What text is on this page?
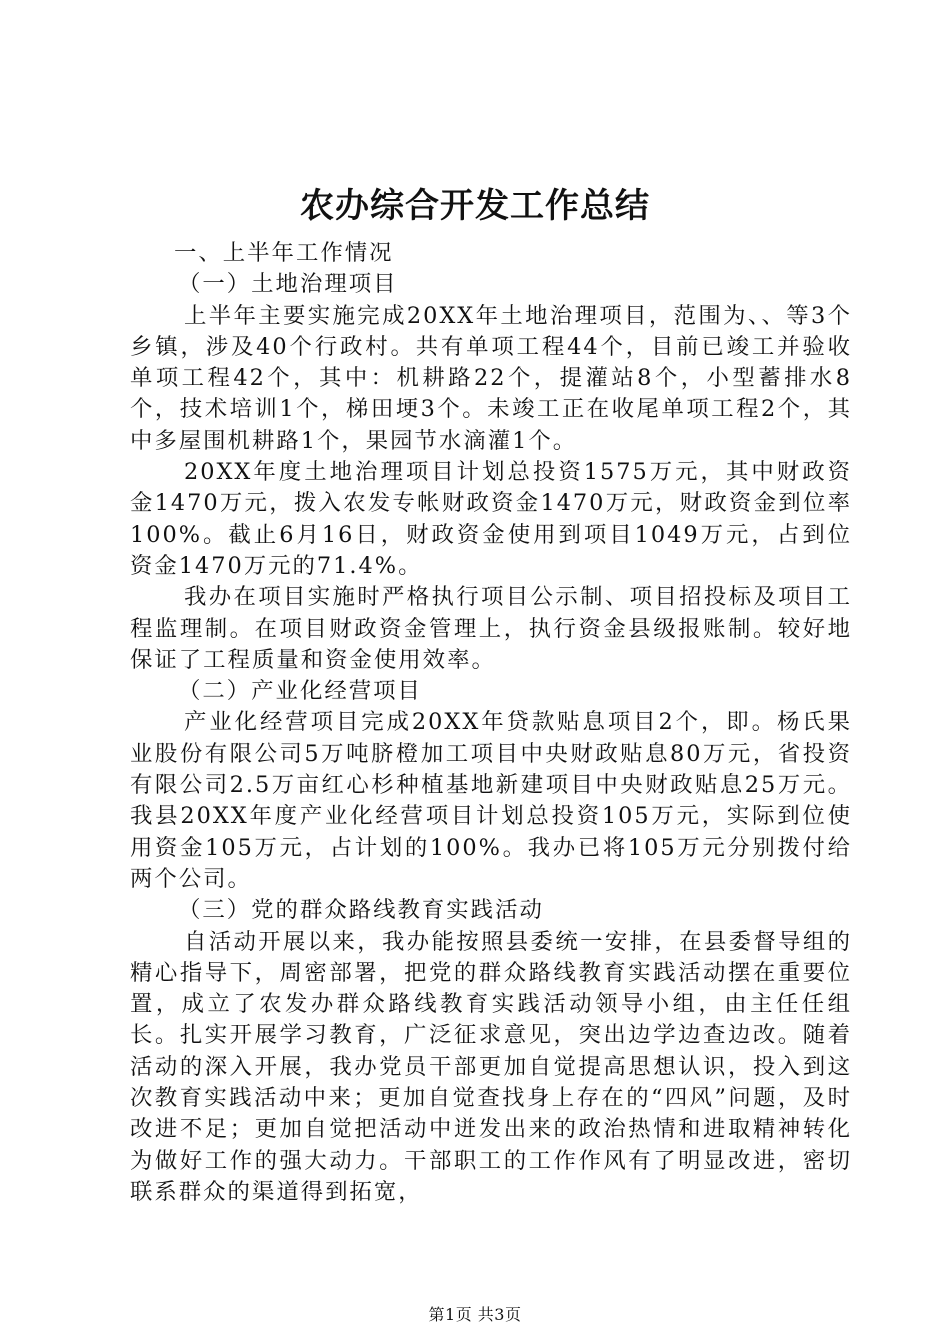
农办综合开发工作总结

一、上半年工作情况

（一）土地治理项目

上半年主要实施完成20XX年土地治理项目，范围为、、等3个乡镇，涉及40个行政村。共有单项工程44个，目前已竣工并验收单项工程42个，其中：机耕路22个，提灌站8个，小型蓄排水8个，技术培训1个，梯田埂3个。未竣工正在收尾单项工程2个，其中多屋围机耕路1个，果园节水滴灌1个。

20XX年度土地治理项目计划总投资1575万元，其中财政资金1470万元，拨入农发专帐财政资金1470万元，财政资金到位率100%。截止6月16日，财政资金使用到项目1049万元，占到位资金1470万元的71.4%。

我办在项目实施时严格执行项目公示制、项目招投标及项目工程监理制。在项目财政资金管理上，执行资金县级报账制。较好地保证了工程质量和资金使用效率。

（二）产业化经营项目

产业化经营项目完成20XX年贷款贴息项目2个，即。杨氏果业股份有限公司5万吨脐橙加工项目中央财政贴息80万元，省投资有限公司2.5万亩红心杉种植基地新建项目中央财政贴息25万元。我县20XX年度产业化经营项目计划总投资105万元，实际到位使用资金105万元，占计划的100%。我办已将105万元分别拨付给两个公司。

（三）党的群众路线教育实践活动

自活动开展以来，我办能按照县委统一安排，在县委督导组的精心指导下，周密部署，把党的群众路线教育实践活动摆在重要位置，成立了农发办群众路线教育实践活动领导小组，由主任任组长。扎实开展学习教育，广泛征求意见，突出边学边查边改。随着活动的深入开展，我办党员干部更加自觉提高思想认识，投入到这次教育实践活动中来；更加自觉查找身上存在的“四风”问题，及时改进不足；更加自觉把活动中迸发出来的政治热情和进取精神转化为做好工作的强大动力。干部职工的工作作风有了明显改进，密切联系群众的渠道得到拓宽，

第1页 共3页
